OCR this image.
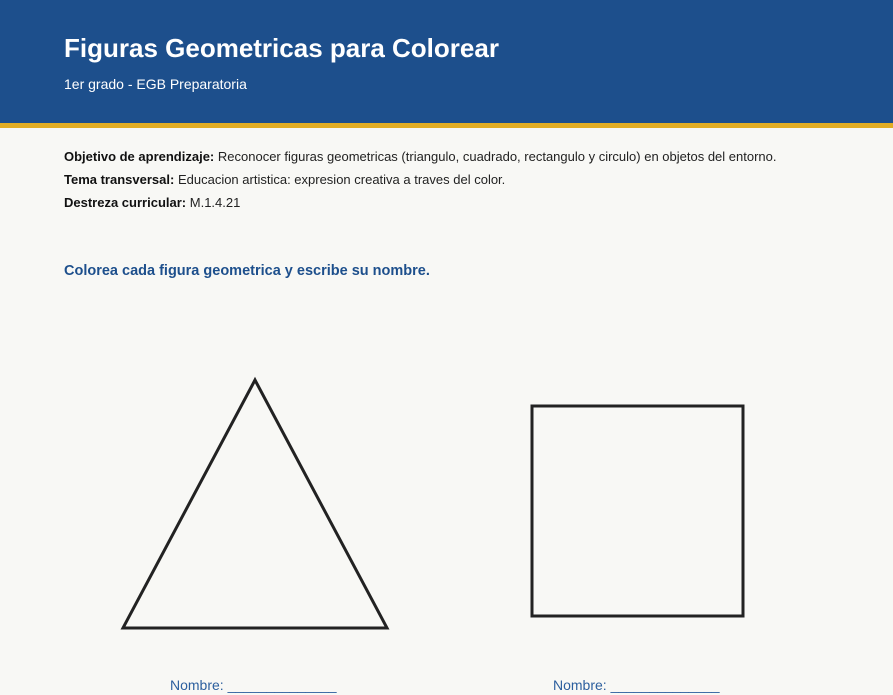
Figuras Geometricas para Colorear
1er grado - EGB Preparatoria

Objetivo de aprendizaje: Reconocer figuras geometricas (triangulo, cuadrado, rectangulo y circulo) en objetos del entorno.

Tema transversal: Educacion artistica: expresion creativa a traves del color.

Destreza curricular: M.1.4.21

Colorea cada figura geometrica y escribe su nombre.
Nombre: ______________	Nombre: ______________
